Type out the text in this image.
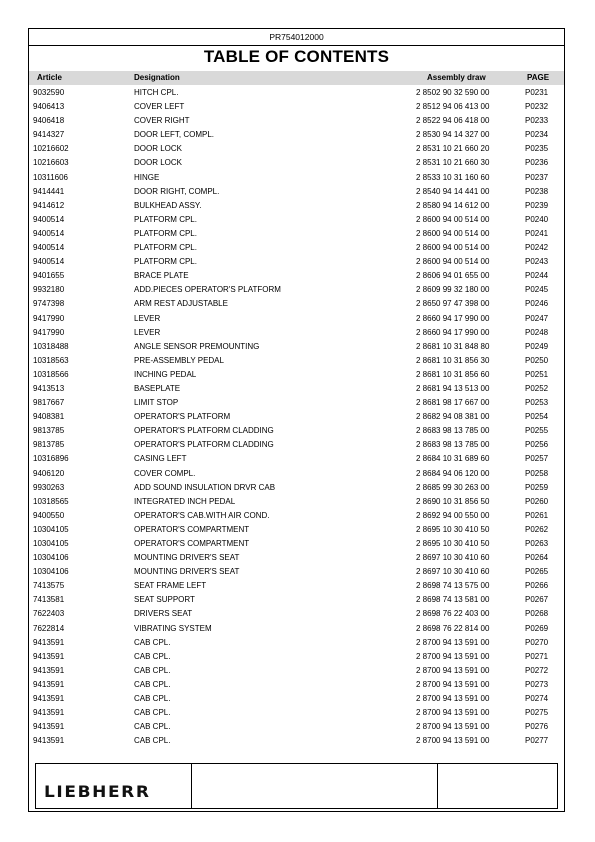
PR754012000
TABLE OF CONTENTS
Article	Designation	Assembly draw	PAGE
9032590	HITCH CPL.	2 8502 90 32 590 00	P0231
9406413	COVER LEFT	2 8512 94 06 413 00	P0232
9406418	COVER RIGHT	2 8522 94 06 418 00	P0233
9414327	DOOR LEFT, COMPL.	2 8530 94 14 327 00	P0234
10216602	DOOR LOCK	2 8531 10 21 660 20	P0235
10216603	DOOR LOCK	2 8531 10 21 660 30	P0236
10311606	HINGE	2 8533 10 31 160 60	P0237
9414441	DOOR RIGHT, COMPL.	2 8540 94 14 441 00	P0238
9414612	BULKHEAD ASSY.	2 8580 94 14 612 00	P0239
9400514	PLATFORM CPL.	2 8600 94 00 514 00	P0240
9400514	PLATFORM CPL.	2 8600 94 00 514 00	P0241
9400514	PLATFORM CPL.	2 8600 94 00 514 00	P0242
9400514	PLATFORM CPL.	2 8600 94 00 514 00	P0243
9401655	BRACE PLATE	2 8606 94 01 655 00	P0244
9932180	ADD.PIECES OPERATOR'S PLATFORM	2 8609 99 32 180 00	P0245
9747398	ARM REST ADJUSTABLE	2 8650 97 47 398 00	P0246
9417990	LEVER	2 8660 94 17 990 00	P0247
9417990	LEVER	2 8660 94 17 990 00	P0248
10318488	ANGLE SENSOR PREMOUNTING	2 8681 10 31 848 80	P0249
10318563	PRE-ASSEMBLY PEDAL	2 8681 10 31 856 30	P0250
10318566	INCHING PEDAL	2 8681 10 31 856 60	P0251
9413513	BASEPLATE	2 8681 94 13 513 00	P0252
9817667	LIMIT STOP	2 8681 98 17 667 00	P0253
9408381	OPERATOR'S PLATFORM	2 8682 94 08 381 00	P0254
9813785	OPERATOR'S PLATFORM CLADDING	2 8683 98 13 785 00	P0255
9813785	OPERATOR'S PLATFORM CLADDING	2 8683 98 13 785 00	P0256
10316896	CASING LEFT	2 8684 10 31 689 60	P0257
9406120	COVER COMPL.	2 8684 94 06 120 00	P0258
9930263	ADD SOUND INSULATION DRVR CAB	2 8685 99 30 263 00	P0259
10318565	INTEGRATED INCH PEDAL	2 8690 10 31 856 50	P0260
9400550	OPERATOR'S CAB.WITH AIR COND.	2 8692 94 00 550 00	P0261
10304105	OPERATOR'S COMPARTMENT	2 8695 10 30 410 50	P0262
10304105	OPERATOR'S COMPARTMENT	2 8695 10 30 410 50	P0263
10304106	MOUNTING DRIVER'S SEAT	2 8697 10 30 410 60	P0264
10304106	MOUNTING DRIVER'S SEAT	2 8697 10 30 410 60	P0265
7413575	SEAT FRAME LEFT	2 8698 74 13 575 00	P0266
7413581	SEAT SUPPORT	2 8698 74 13 581 00	P0267
7622403	DRIVERS SEAT	2 8698 76 22 403 00	P0268
7622814	VIBRATING SYSTEM	2 8698 76 22 814 00	P0269
9413591	CAB CPL.	2 8700 94 13 591 00	P0270
9413591	CAB CPL.	2 8700 94 13 591 00	P0271
9413591	CAB CPL.	2 8700 94 13 591 00	P0272
9413591	CAB CPL.	2 8700 94 13 591 00	P0273
9413591	CAB CPL.	2 8700 94 13 591 00	P0274
9413591	CAB CPL.	2 8700 94 13 591 00	P0275
9413591	CAB CPL.	2 8700 94 13 591 00	P0276
9413591	CAB CPL.	2 8700 94 13 591 00	P0277
LIEBHERR
